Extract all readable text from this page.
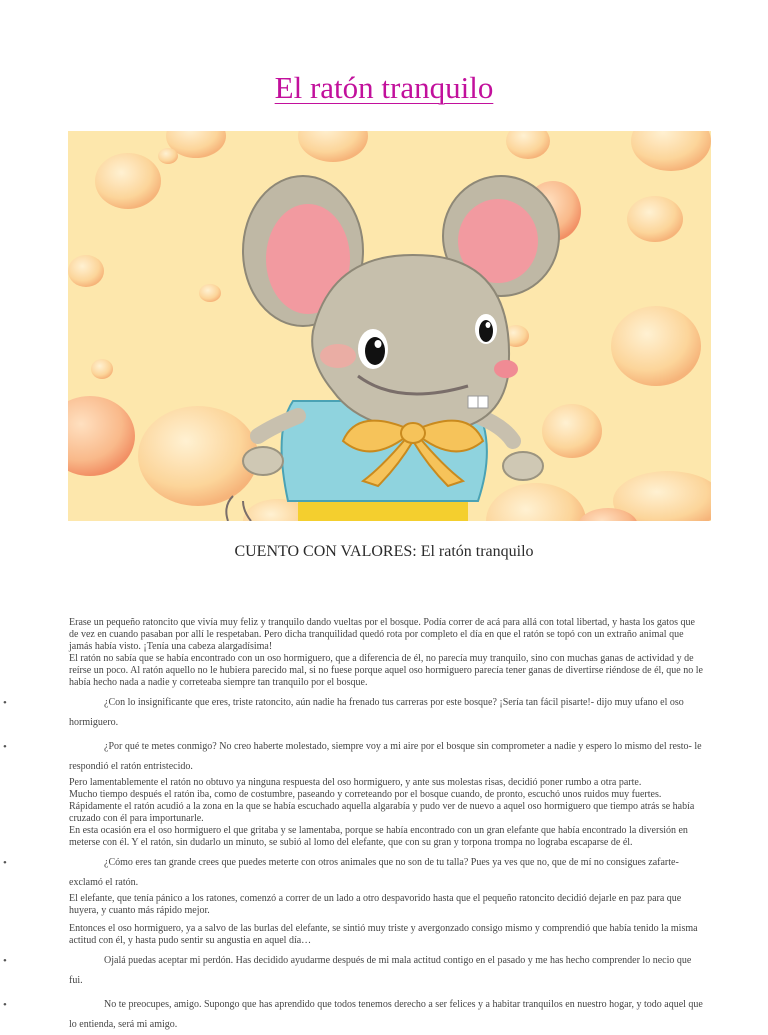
El ratón tranquilo
CUENTO CON VALORES: El ratón tranquilo

Erase un pequeño ratoncito que vivía muy feliz y tranquilo dando vueltas por el bosque. Podía correr de acá para allá con total libertad, y hasta los gatos que de vez en cuando pasaban por allí le respetaban. Pero dicha tranquilidad quedó rota por completo el día en que el ratón se topó con un extraño animal que jamás había visto. ¡Tenía una cabeza alargadísima!

El ratón no sabía que se había encontrado con un oso hormiguero, que a diferencia de él, no parecía muy tranquilo, sino con muchas ganas de actividad y de reírse un poco. Al ratón aquello no le hubiera parecido mal, si no fuese porque aquel oso hormiguero parecía tener ganas de divertirse riéndose de él, que no le había hecho nada a nadie y correteaba siempre tan tranquilo por el bosque.

• ¿Con lo insignificante que eres, triste ratoncito, aún nadie ha frenado tus carreras por este bosque? ¡Sería tan fácil pisarte!- dijo muy ufano el oso hormiguero.
• ¿Por qué te metes conmigo? No creo haberte molestado, siempre voy a mi aire por el bosque sin comprometer a nadie y espero lo mismo del resto- le respondió el ratón entristecido.

Pero lamentablemente el ratón no obtuvo ya ninguna respuesta del oso hormiguero, y ante sus molestas risas, decidió poner rumbo a otra parte.

Mucho tiempo después el ratón iba, como de costumbre, paseando y correteando por el bosque cuando, de pronto, escuchó unos ruidos muy fuertes. Rápidamente el ratón acudió a la zona en la que se había escuchado aquella algarabía y pudo ver de nuevo a aquel oso hormiguero que tiempo atrás se había cruzado con él para importunarle.

En esta ocasión era el oso hormiguero el que gritaba y se lamentaba, porque se había encontrado con un gran elefante que había encontrado la diversión en meterse con él. Y el ratón, sin dudarlo un minuto, se subió al lomo del elefante, que con su gran y torpona trompa no lograba escaparse de él.

• ¿Cómo eres tan grande crees que puedes meterte con otros animales que no son de tu talla? Pues ya ves que no, que de mí no consigues zafarte- exclamó el ratón.

El elefante, que tenía pánico a los ratones, comenzó a correr de un lado a otro despavorido hasta que el pequeño ratoncito decidió dejarle en paz para que huyera, y cuanto más rápido mejor.

Entonces el oso hormiguero, ya a salvo de las burlas del elefante, se sintió muy triste y avergonzado consigo mismo y comprendió que había tenido la misma actitud con él, y hasta pudo sentir su angustia en aquel día…

• Ojalá puedas aceptar mi perdón. Has decidido ayudarme después de mi mala actitud contigo en el pasado y me has hecho comprender lo necio que fui.
• No te preocupes, amigo. Supongo que has aprendido que todos tenemos derecho a ser felices y a habitar tranquilos en nuestro hogar, y todo aquel que lo entienda, será mi amigo.
